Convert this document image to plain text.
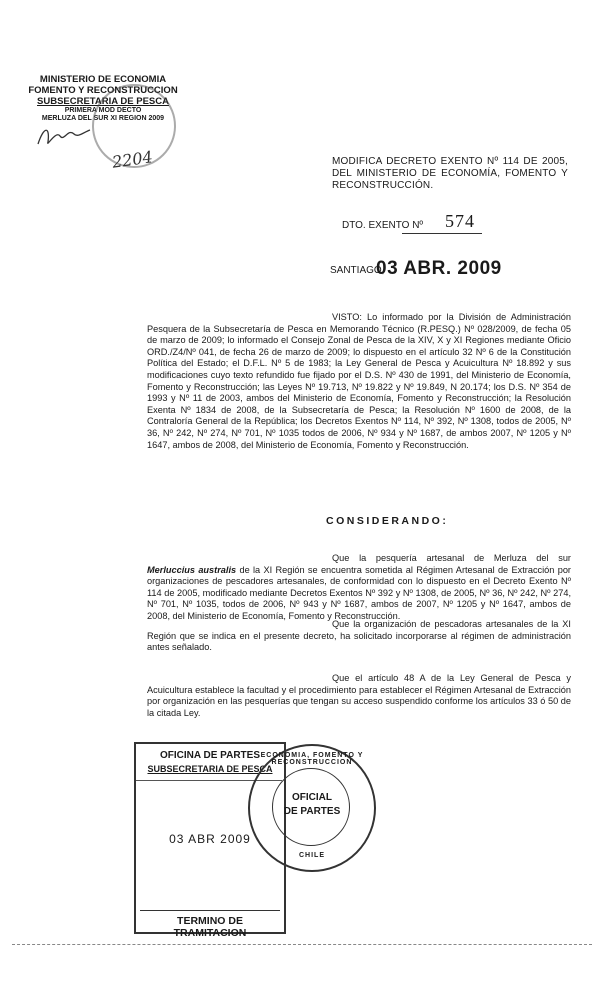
MINISTERIO DE ECONOMIA
FOMENTO Y RECONSTRUCCION
SUBSECRETARIA DE PESCA
PRIMERA MOD DECTO
MERLUZA DEL SUR XI REGION 2009
2204	MODIFICA DECRETO EXENTO Nº 114 DE 2005, DEL MINISTERIO DE ECONOMÍA, FOMENTO Y RECONSTRUCCIÓN.
DTO. EXENTO Nº 574
SANTIAGO,
03 ABR. 2009
VISTO: Lo informado por la División de Administración Pesquera de la Subsecretaría de Pesca en Memorando Técnico (R.PESQ.) Nº 028/2009, de fecha 05 de marzo de 2009; lo informado el Consejo Zonal de Pesca de la XIV, X y XI Regiones mediante Oficio ORD./Z4/Nº 041, de fecha 26 de marzo de 2009; lo dispuesto en el artículo 32 Nº 6 de la Constitución Política del Estado; el D.F.L. Nº 5 de 1983; la Ley General de Pesca y Acuicultura Nº 18.892 y sus modificaciones cuyo texto refundido fue fijado por el D.S. Nº 430 de 1991, del Ministerio de Economía, Fomento y Reconstrucción; las Leyes Nº 19.713, Nº 19.822 y Nº 19.849, N 20.174; los D.S. Nº 354 de 1993 y Nº 11 de 2003, ambos del Ministerio de Economía, Fomento y Reconstrucción; la Resolución Exenta Nº 1834 de 2008, de la Subsecretaría de Pesca; la Resolución Nº 1600 de 2008, de la Contraloría General de la República; los Decretos Exentos Nº 114, Nº 392, Nº 1308, todos de 2005, Nº 36, Nº 242, Nº 274, Nº 701, Nº 1035 todos de 2006, Nº 934 y Nº 1687, de ambos 2007, Nº 1205 y Nº 1647, ambos de 2008, del Ministerio de Economía, Fomento y Reconstrucción.
CONSIDERANDO:
Que la pesquería artesanal de Merluza del sur Merluccius australis de la XI Región se encuentra sometida al Régimen Artesanal de Extracción por organizaciones de pescadores artesanales, de conformidad con lo dispuesto en el Decreto Exento Nº 114 de 2005, modificado mediante Decretos Exentos Nº 392 y Nº 1308, de 2005, Nº 36, Nº 242, Nº 274, Nº 701, Nº 1035, todos de 2006, Nº 943 y Nº 1687, ambos de 2007, Nº 1205 y Nº 1647, ambos de 2008, del Ministerio de Economía, Fomento y Reconstrucción.
Que la organización de pescadoras artesanales de la XI Región que se indica en el presente decreto, ha solicitado incorporarse al régimen de administración antes señalado.
Que el artículo 48 A de la Ley General de Pesca y Acuicultura establece la facultad y el procedimiento para establecer el Régimen Artesanal de Extracción por organización en las pesquerías que tengan su acceso suspendido conforme los artículos 33 ó 50 de la citada Ley.
OFICINA DE PARTES
SUBSECRETARIA DE PESCA
03 ABR 2009
TERMINO DE TRAMITACION
ECONOMIA, FOMENTO Y RECONSTRUCCION
OFICIAL
DE PARTES
CHILE
